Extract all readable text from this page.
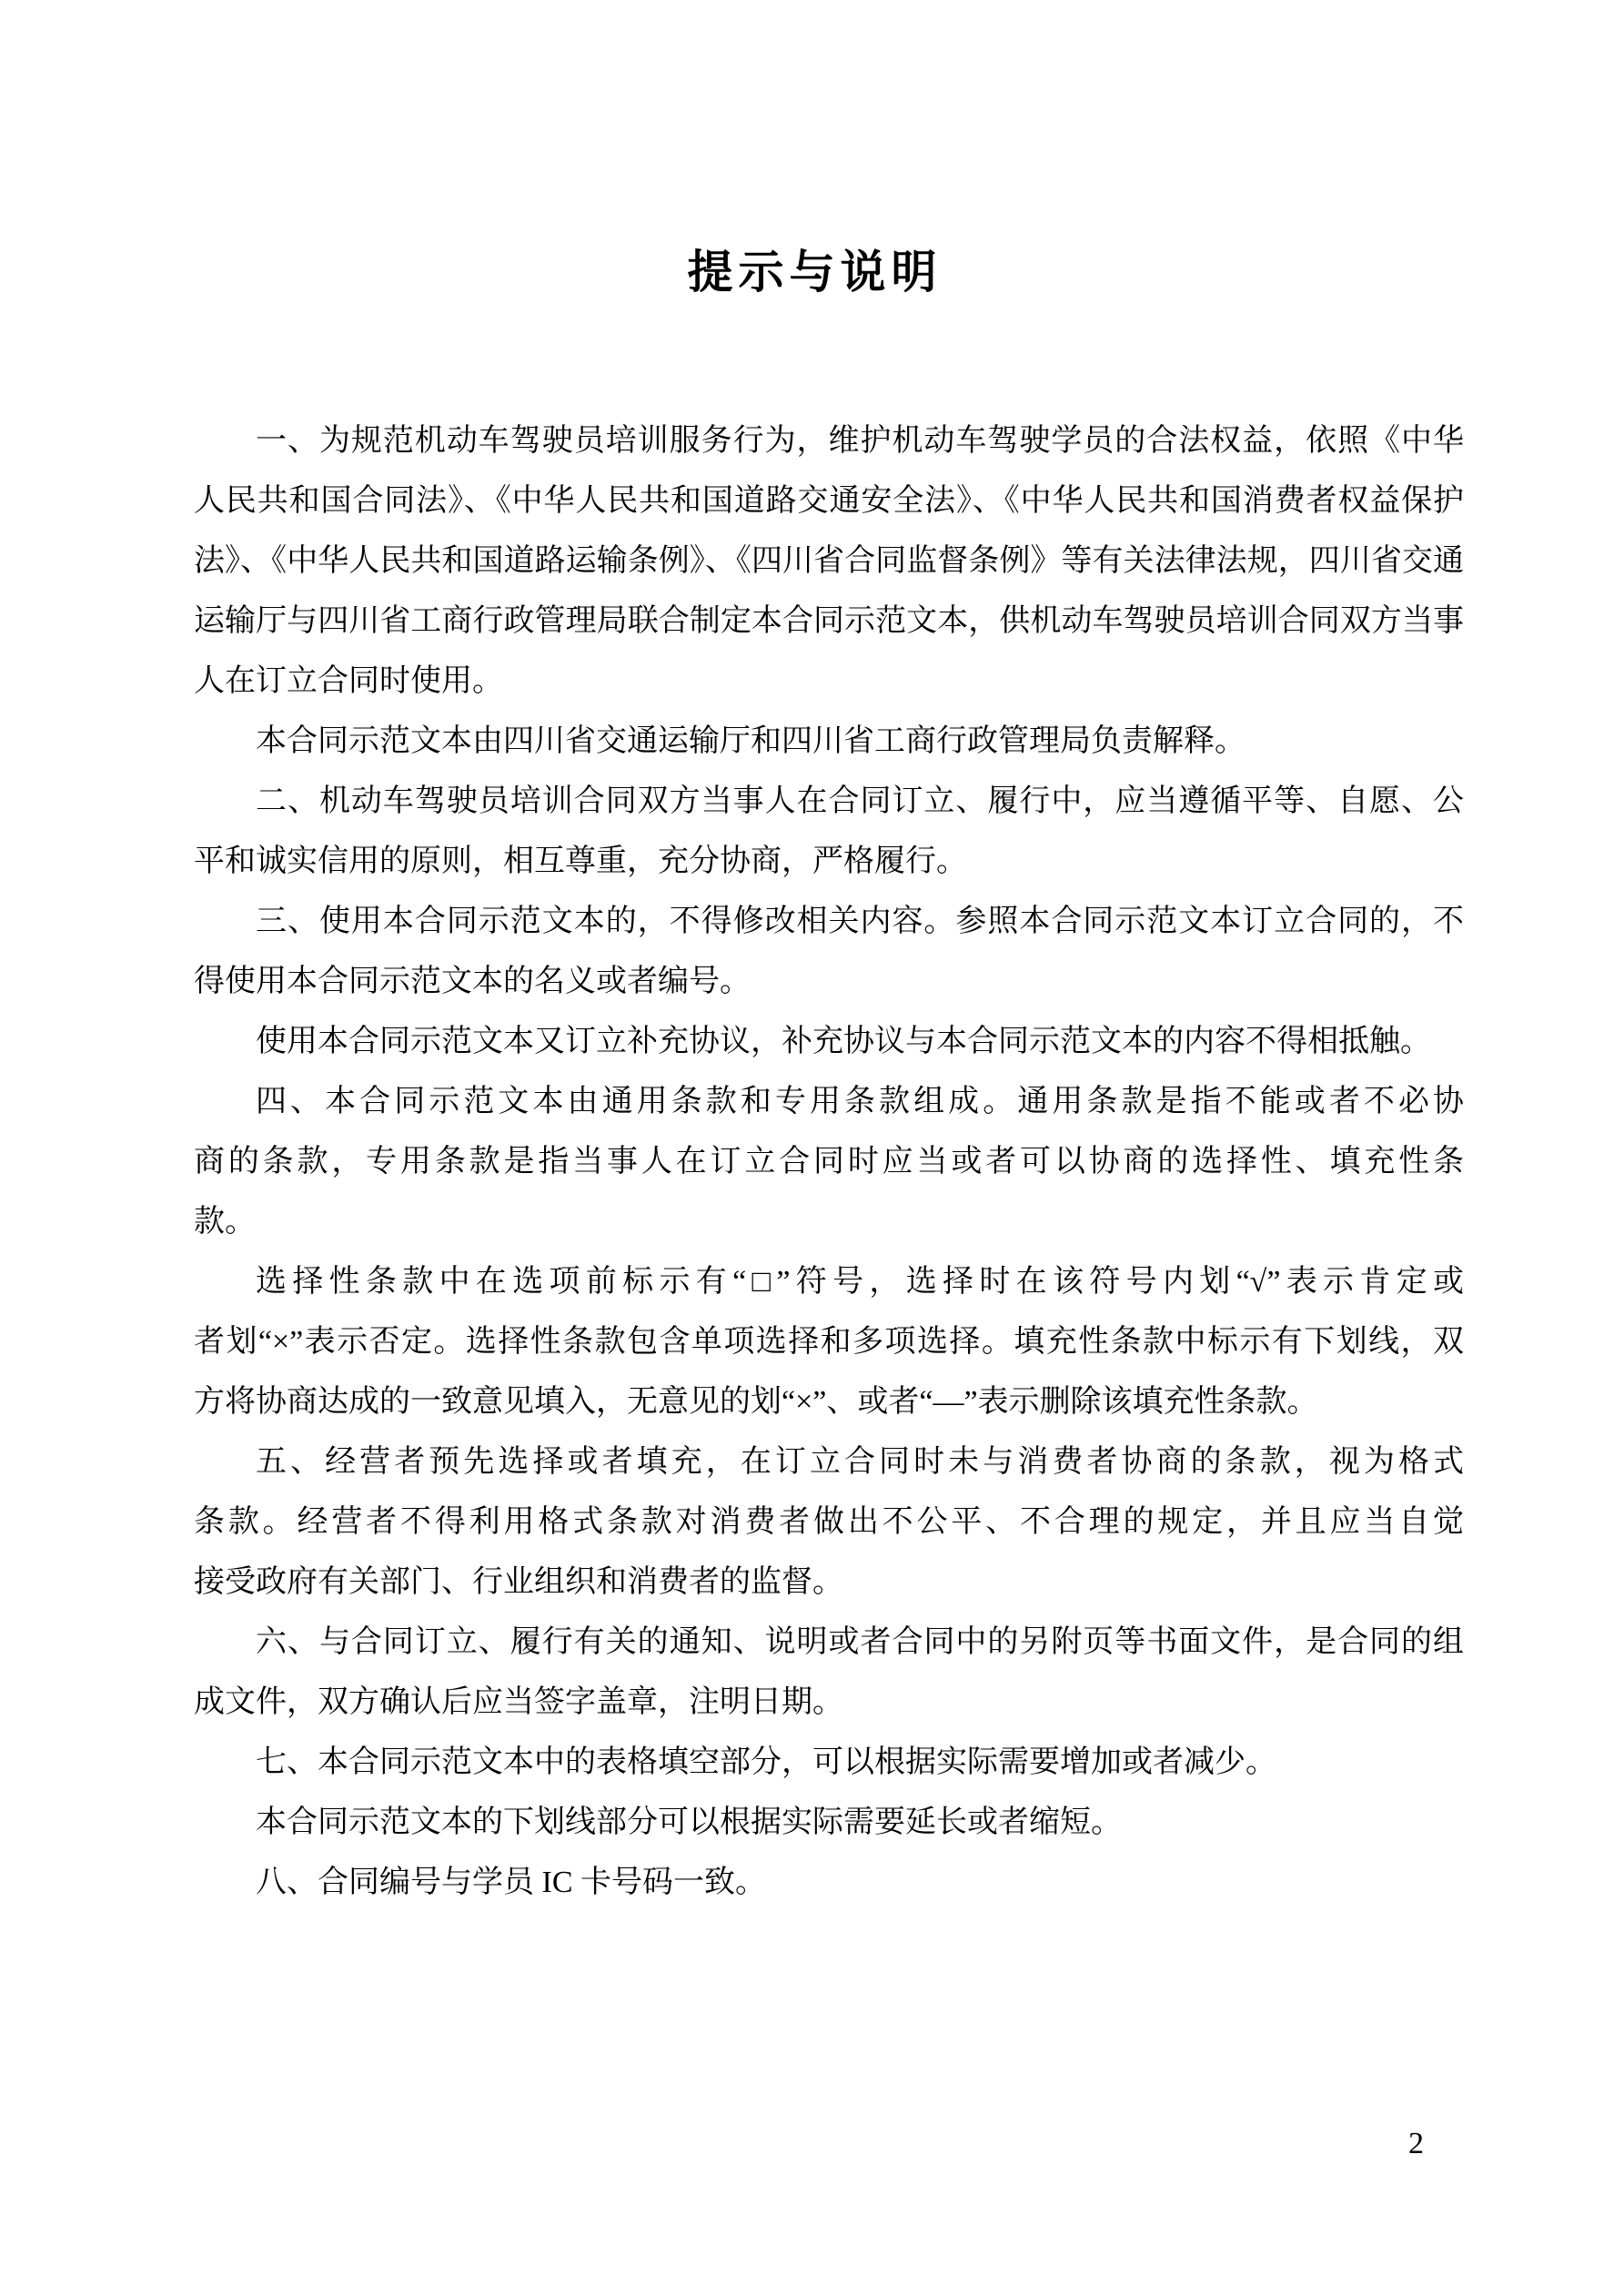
提示与说明
一、为规范机动车驾驶员培训服务行为，维护机动车驾驶学员的合法权益，依照《中华
人民共和国合同法》、《中华人民共和国道路交通安全法》、《中华人民共和国消费者权益保护
法》、《中华人民共和国道路运输条例》、《四川省合同监督条例》等有关法律法规，四川省交通
运输厅与四川省工商行政管理局联合制定本合同示范文本，供机动车驾驶员培训合同双方当事
人在订立合同时使用。
本合同示范文本由四川省交通运输厅和四川省工商行政管理局负责解释。
二、机动车驾驶员培训合同双方当事人在合同订立、履行中，应当遵循平等、自愿、公
平和诚实信用的原则，相互尊重，充分协商，严格履行。
三、使用本合同示范文本的，不得修改相关内容。参照本合同示范文本订立合同的，不
得使用本合同示范文本的名义或者编号。
使用本合同示范文本又订立补充协议，补充协议与本合同示范文本的内容不得相抵触。
四、本合同示范文本由通用条款和专用条款组成。通用条款是指不能或者不必协
商的条款，专用条款是指当事人在订立合同时应当或者可以协商的选择性、填充性条
款。
选择性条款中在选项前标示有“□”符号，选择时在该符号内划“√”表示肯定或
者划“×”表示否定。选择性条款包含单项选择和多项选择。填充性条款中标示有下划线，双
方将协商达成的一致意见填入，无意见的划“×”、或者“—”表示删除该填充性条款。
五、经营者预先选择或者填充，在订立合同时未与消费者协商的条款，视为格式
条款。经营者不得利用格式条款对消费者做出不公平、不合理的规定，并且应当自觉
接受政府有关部门、行业组织和消费者的监督。
六、与合同订立、履行有关的通知、说明或者合同中的另附页等书面文件，是合同的组
成文件，双方确认后应当签字盖章，注明日期。
七、本合同示范文本中的表格填空部分，可以根据实际需要增加或者减少。
本合同示范文本的下划线部分可以根据实际需要延长或者缩短。
八、合同编号与学员 IC 卡号码一致。
2
